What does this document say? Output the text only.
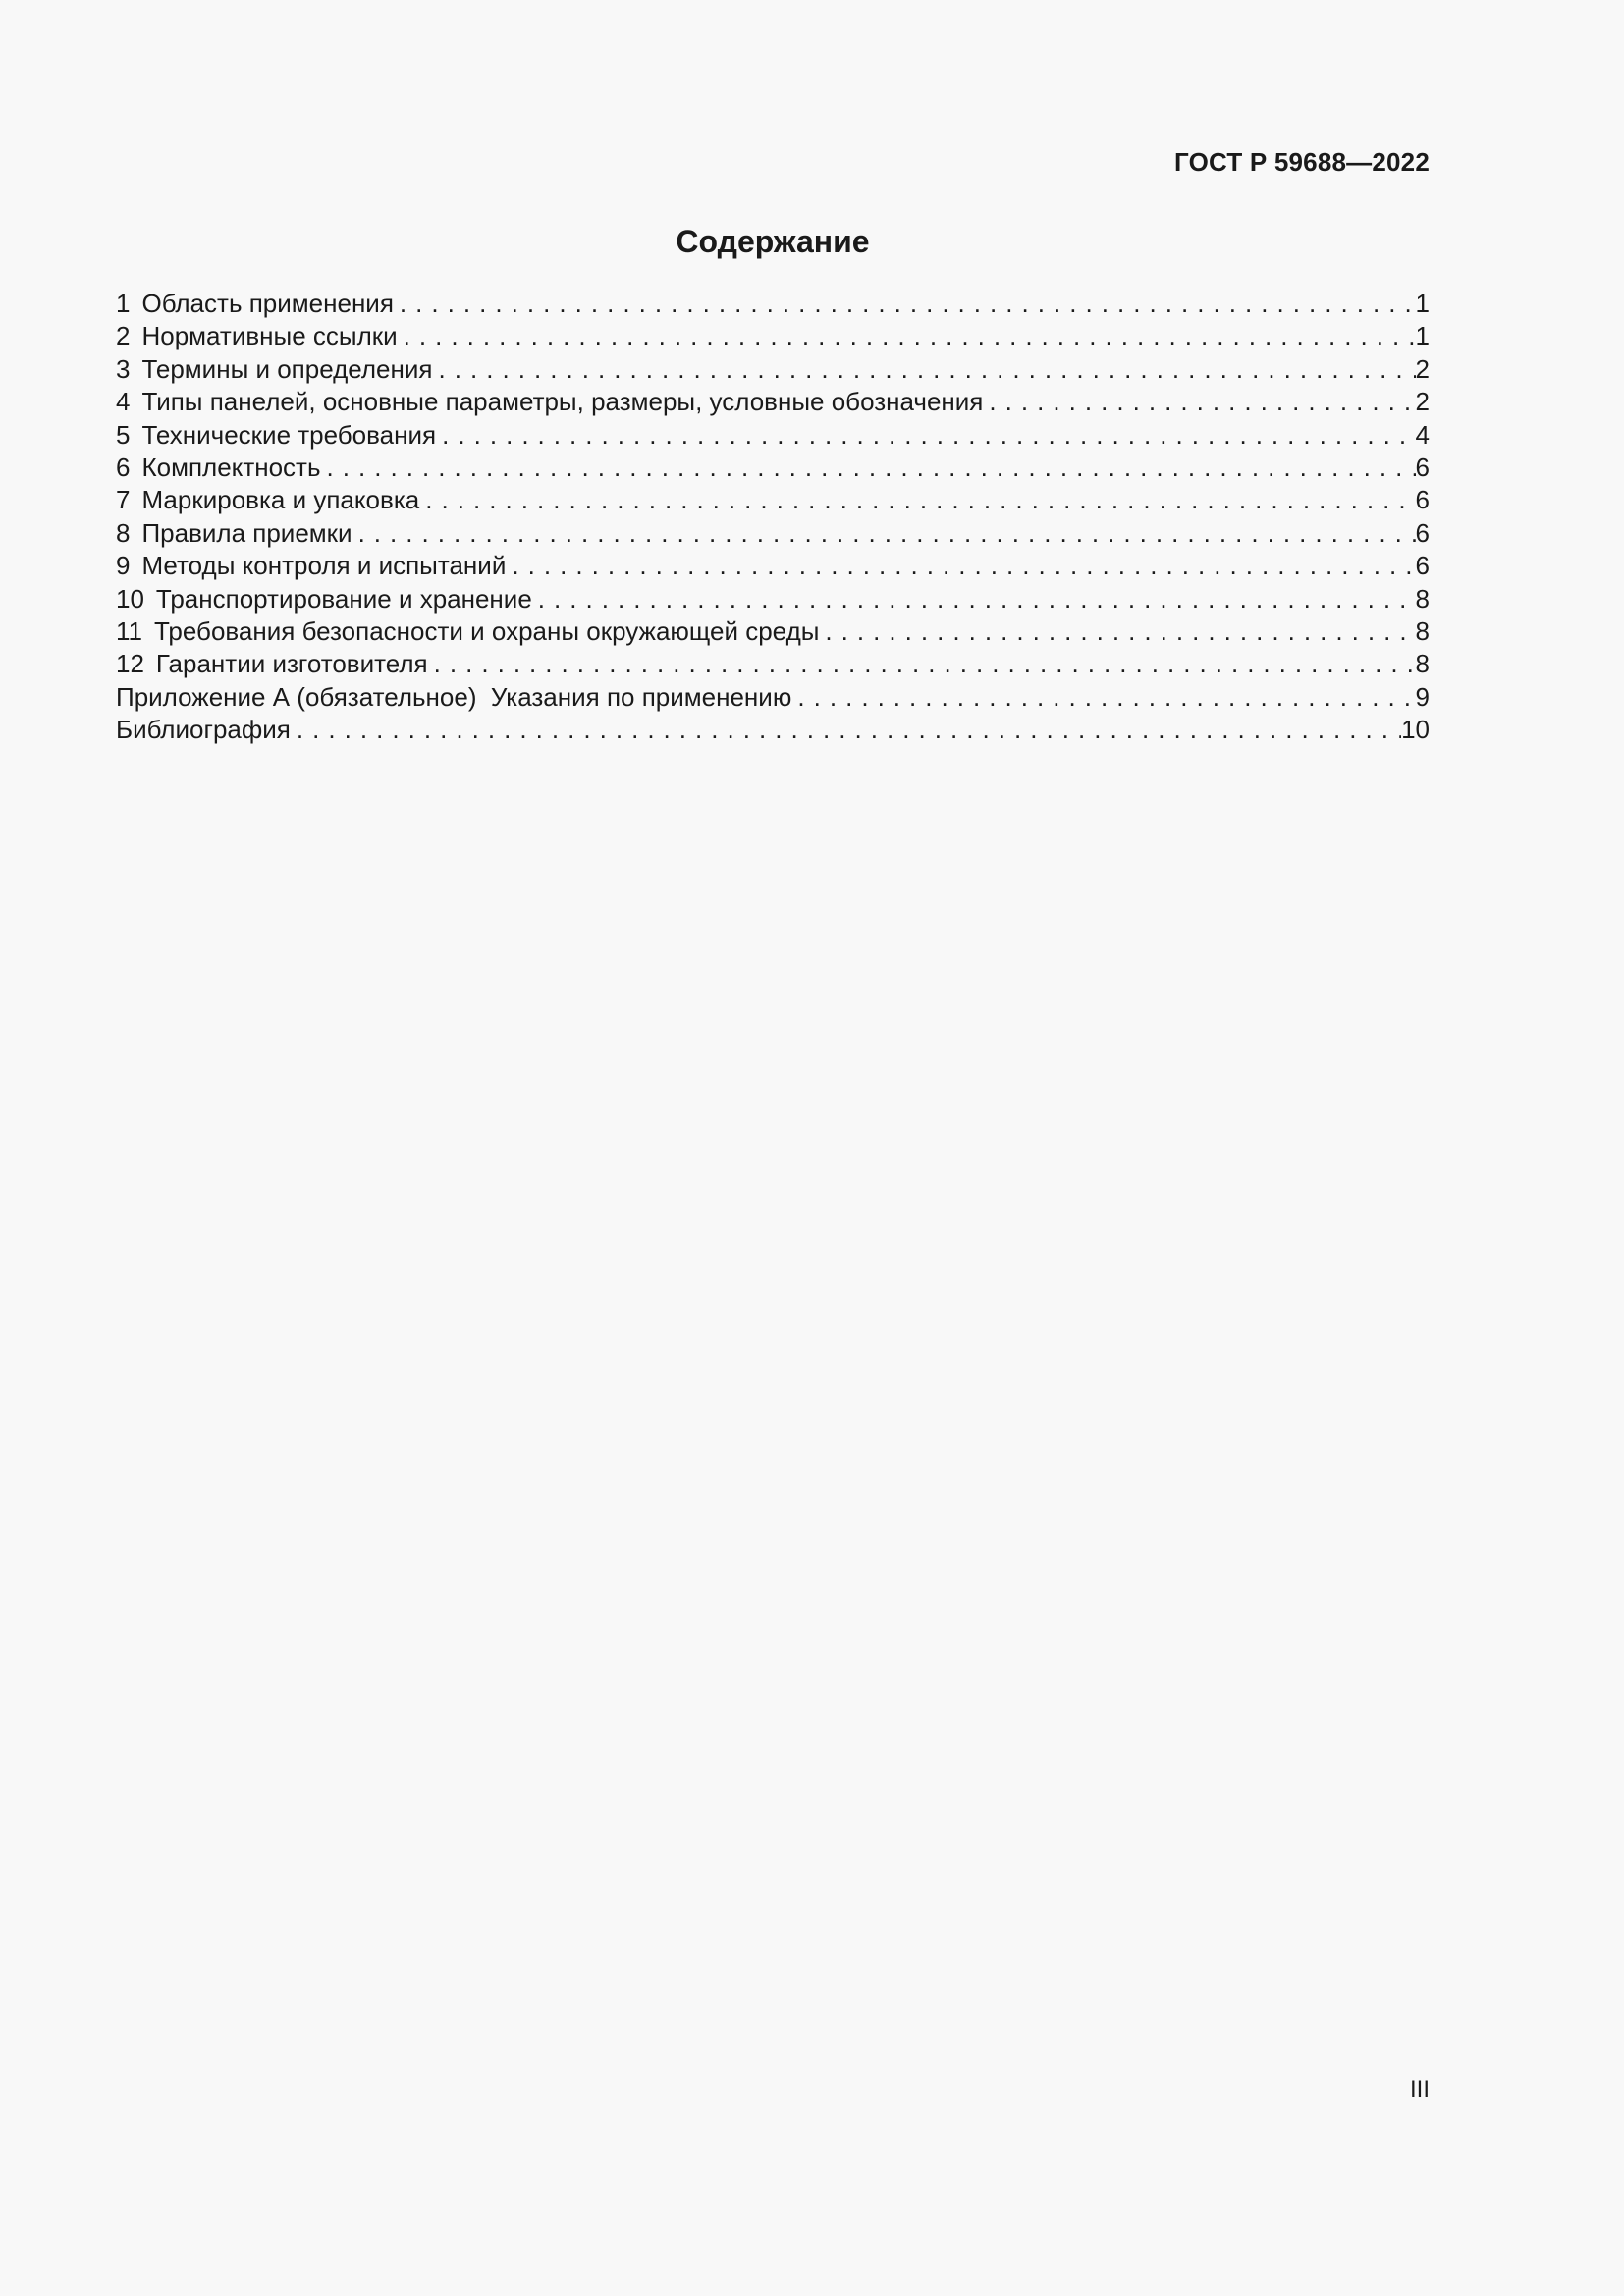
ГОСТ Р 59688—2022
Содержание
1 Область применения . . .	1
2 Нормативные ссылки . . .	1
3 Термины и определения . . .	2
4 Типы панелей, основные параметры, размеры, условные обозначения . . .	2
5 Технические требования . . .	4
6 Комплектность . . .	6
7 Маркировка и упаковка . . .	6
8 Правила приемки . . .	6
9 Методы контроля и испытаний . . .	6
10 Транспортирование и хранение . . .	8
11 Требования безопасности и охраны окружающей среды . . .	8
12 Гарантии изготовителя . . .	8
Приложение А (обязательное)  Указания по применению . . .	9
Библиография . . .	10
III
